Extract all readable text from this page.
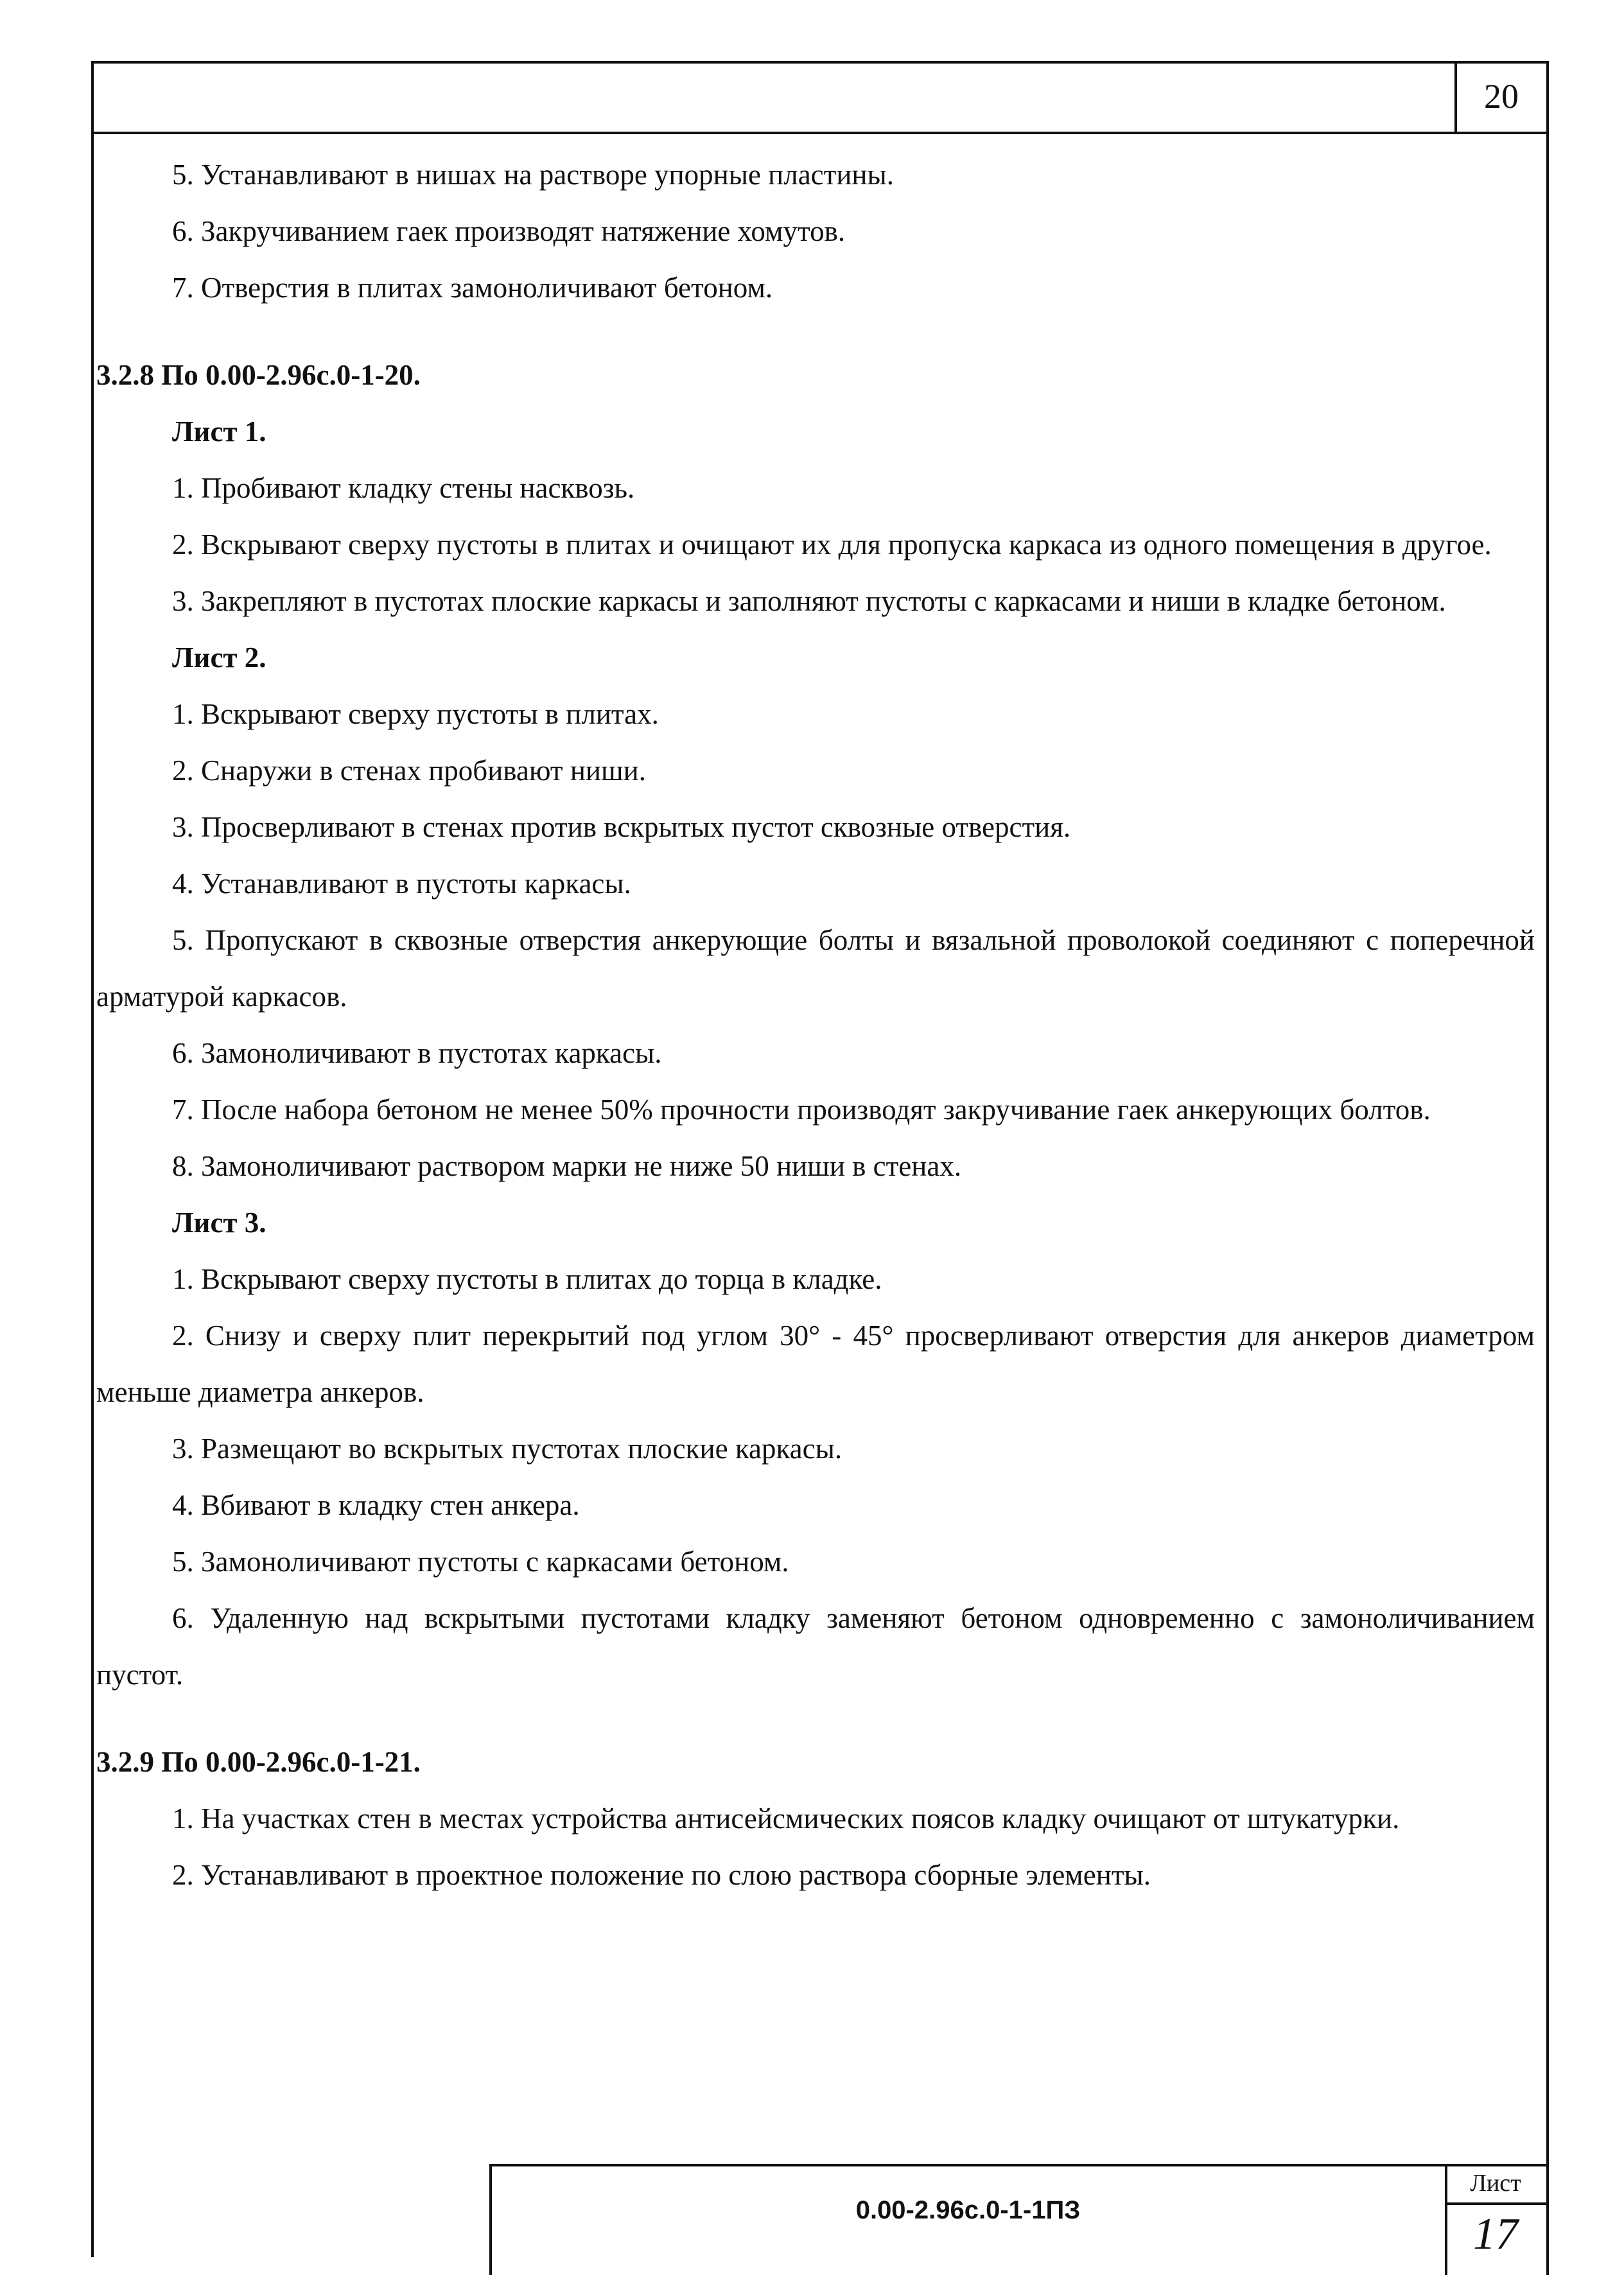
20
0.00-2.96с.0-1-1ПЗ
Лист
17

5. Устанавливают в нишах на растворе упорные пластины.

6. Закручиванием гаек производят натяжение хомутов.

7. Отверстия в плитах замоноличивают бетоном.

3.2.8 По 0.00-2.96с.0-1-20.

Лист 1.

1. Пробивают кладку стены насквозь.

2. Вскрывают сверху пустоты в плитах и очищают их для пропуска каркаса из одного помещения в другое.

3. Закрепляют в пустотах плоские каркасы и заполняют пустоты с каркасами и ниши в кладке бетоном.

Лист 2.

1. Вскрывают сверху пустоты в плитах.

2. Снаружи в стенах пробивают ниши.

3. Просверливают в стенах против вскрытых пустот сквозные отверстия.

4. Устанавливают в пустоты каркасы.

5. Пропускают в сквозные отверстия анкерующие болты и вязальной проволокой соединяют с поперечной арматурой каркасов.

6. Замоноличивают в пустотах каркасы.

7. После набора бетоном не менее 50% прочности производят закручивание гаек анкерующих болтов.

8. Замоноличивают раствором марки не ниже 50 ниши в стенах.

Лист 3.

1. Вскрывают сверху пустоты в плитах до торца в кладке.

2. Снизу и сверху плит перекрытий под углом 30° - 45° просверливают отверстия для анкеров диаметром меньше диаметра анкеров.

3. Размещают во вскрытых пустотах плоские каркасы.

4. Вбивают в кладку стен анкера.

5. Замоноличивают пустоты с каркасами бетоном.

6. Удаленную над вскрытыми пустотами кладку заменяют бетоном одновременно с замоноличиванием пустот.

3.2.9 По 0.00-2.96с.0-1-21.

1. На участках стен в местах устройства антисейсмических поясов кладку очищают от штукатурки.

2. Устанавливают в проектное положение по слою раствора сборные элементы.
